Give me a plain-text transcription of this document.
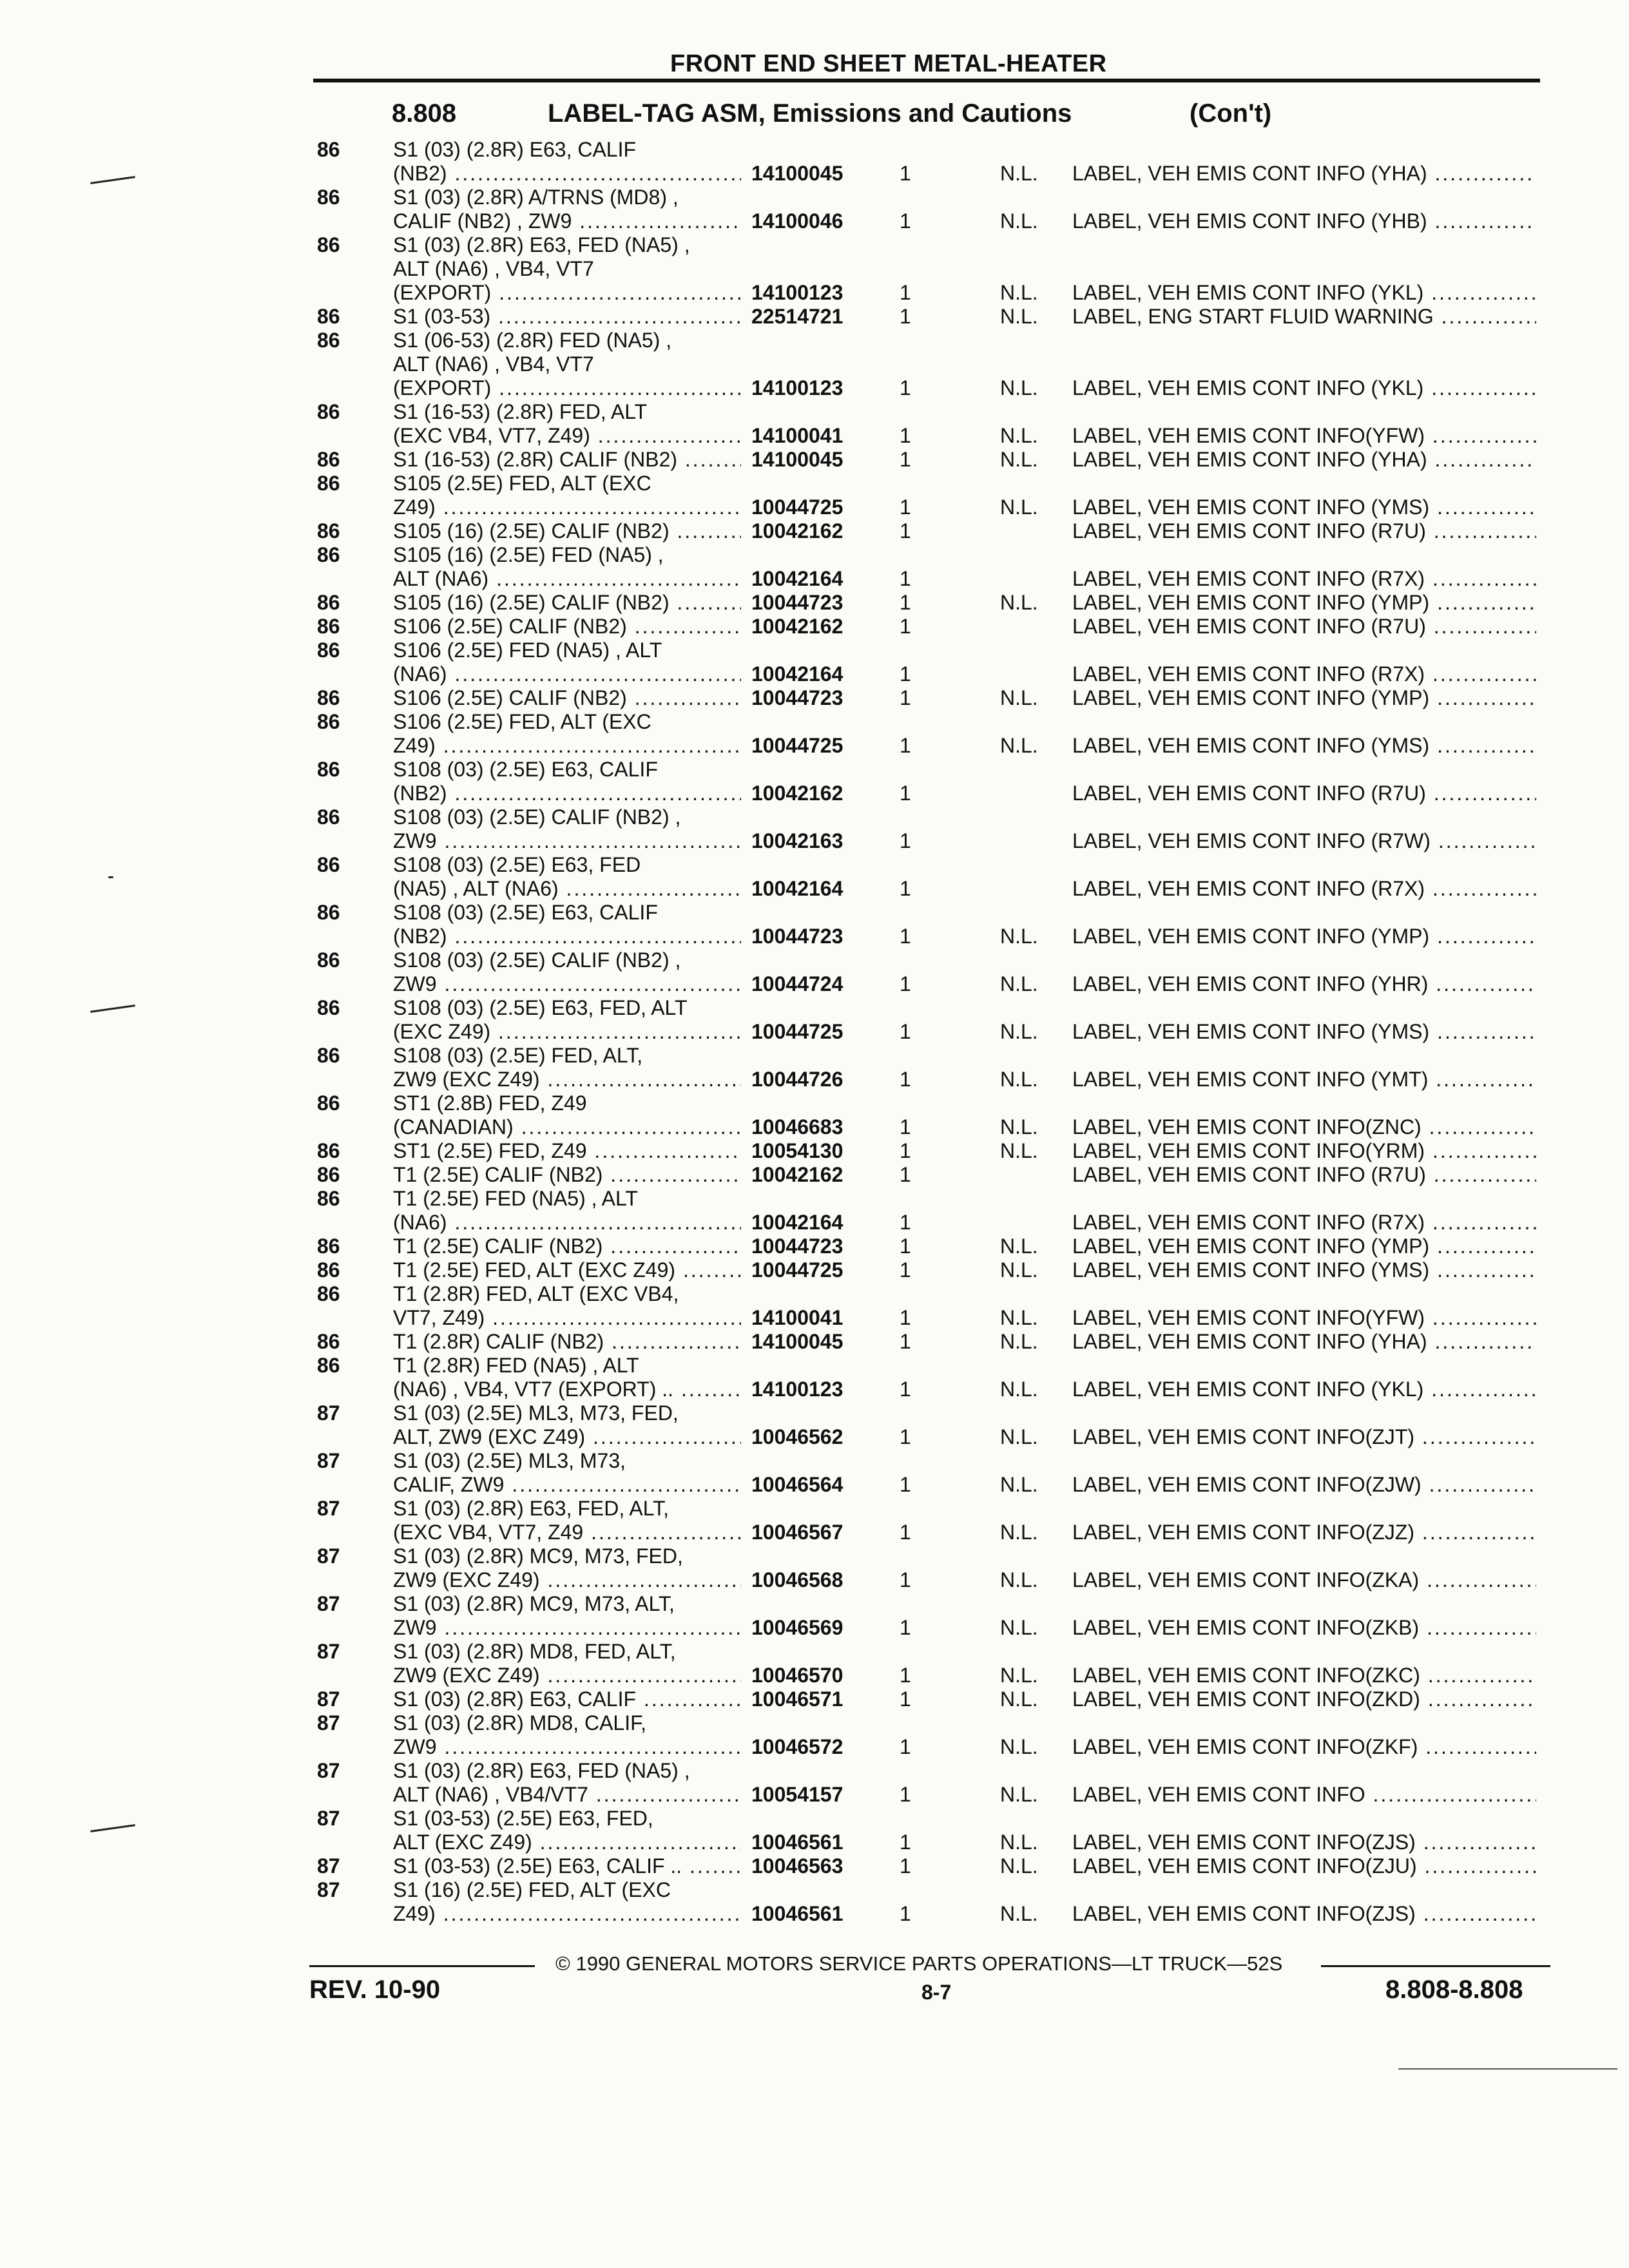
FRONT END SHEET METAL-HEATER
8.808	LABEL-TAG ASM, Emissions and Cautions	(Con't)
86	S1 (03) (2.8R) E63, CALIF
(NB2) .....	14100045	1	N.L. LABEL, VEH EMIS CONT INFO (YHA) .....
86	S1 (03) (2.8R) A/TRNS (MD8) ,
CALIF (NB2) , ZW9 .....	14100046	1	N.L. LABEL, VEH EMIS CONT INFO (YHB) .....
86	S1 (03) (2.8R) E63, FED (NA5) ,
ALT (NA6) , VB4, VT7
(EXPORT) .....	14100123	1	N.L. LABEL, VEH EMIS CONT INFO (YKL) .....
86	S1 (03-53) .....	22514721	1	N.L. LABEL, ENG START FLUID WARNING .....
86	S1 (06-53) (2.8R) FED (NA5) ,
ALT (NA6) , VB4, VT7
(EXPORT) .....	14100123	1	N.L. LABEL, VEH EMIS CONT INFO (YKL) .....
86	S1 (16-53) (2.8R) FED, ALT
(EXC VB4, VT7, Z49) .....	14100041	1	N.L. LABEL, VEH EMIS CONT INFO(YFW) .....
86	S1 (16-53) (2.8R) CALIF (NB2) .....	14100045	1	N.L. LABEL, VEH EMIS CONT INFO (YHA) .....
86	S105 (2.5E) FED, ALT (EXC
Z49) .....	10044725	1	N.L. LABEL, VEH EMIS CONT INFO (YMS) .....
86	S105 (16) (2.5E) CALIF (NB2) .....	10042162	1	LABEL, VEH EMIS CONT INFO (R7U) .....
86	S105 (16) (2.5E) FED (NA5) ,
ALT (NA6) .....	10042164	1	LABEL, VEH EMIS CONT INFO (R7X) .....
86	S105 (16) (2.5E) CALIF (NB2) .....	10044723	1	N.L. LABEL, VEH EMIS CONT INFO (YMP) .....
86	S106 (2.5E) CALIF (NB2) .....	10042162	1	LABEL, VEH EMIS CONT INFO (R7U) .....
86	S106 (2.5E) FED (NA5) , ALT
(NA6) .....	10042164	1	LABEL, VEH EMIS CONT INFO (R7X) .....
86	S106 (2.5E) CALIF (NB2) .....	10044723	1	N.L. LABEL, VEH EMIS CONT INFO (YMP) .....
86	S106 (2.5E) FED, ALT (EXC
Z49) .....	10044725	1	N.L. LABEL, VEH EMIS CONT INFO (YMS) .....
86	S108 (03) (2.5E) E63, CALIF
(NB2) .....	10042162	1	LABEL, VEH EMIS CONT INFO (R7U) .....
86	S108 (03) (2.5E) CALIF (NB2) ,
ZW9 .....	10042163	1	LABEL, VEH EMIS CONT INFO (R7W) .....
86	S108 (03) (2.5E) E63, FED
(NA5) , ALT (NA6) .....	10042164	1	LABEL, VEH EMIS CONT INFO (R7X) .....
86	S108 (03) (2.5E) E63, CALIF
(NB2) .....	10044723	1	N.L. LABEL, VEH EMIS CONT INFO (YMP) .....
86	S108 (03) (2.5E) CALIF (NB2) ,
ZW9 .....	10044724	1	N.L. LABEL, VEH EMIS CONT INFO (YHR) .....
86	S108 (03) (2.5E) E63, FED, ALT
(EXC Z49) .....	10044725	1	N.L. LABEL, VEH EMIS CONT INFO (YMS) .....
86	S108 (03) (2.5E) FED, ALT,
ZW9 (EXC Z49) .....	10044726	1	N.L. LABEL, VEH EMIS CONT INFO (YMT) .....
86	ST1 (2.8B) FED, Z49
(CANADIAN) .....	10046683	1	N.L. LABEL, VEH EMIS CONT INFO(ZNC) .....
86	ST1 (2.5E) FED, Z49 .....	10054130	1	N.L. LABEL, VEH EMIS CONT INFO(YRM) .....
86	T1 (2.5E) CALIF (NB2) .....	10042162	1	LABEL, VEH EMIS CONT INFO (R7U) .....
86	T1 (2.5E) FED (NA5) , ALT
(NA6) .....	10042164	1	LABEL, VEH EMIS CONT INFO (R7X) .....
86	T1 (2.5E) CALIF (NB2) .....	10044723	1	N.L. LABEL, VEH EMIS CONT INFO (YMP) .....
86	T1 (2.5E) FED, ALT (EXC Z49) .....	10044725	1	N.L. LABEL, VEH EMIS CONT INFO (YMS) .....
86	T1 (2.8R) FED, ALT (EXC VB4,
VT7, Z49) .....	14100041	1	N.L. LABEL, VEH EMIS CONT INFO(YFW) .....
86	T1 (2.8R) CALIF (NB2) .....	14100045	1	N.L. LABEL, VEH EMIS CONT INFO (YHA) .....
86	T1 (2.8R) FED (NA5) , ALT
(NA6) , VB4, VT7 (EXPORT) .. .....	14100123	1	N.L. LABEL, VEH EMIS CONT INFO (YKL) .....
87	S1 (03) (2.5E) ML3, M73, FED,
ALT, ZW9 (EXC Z49) .....	10046562	1	N.L. LABEL, VEH EMIS CONT INFO(ZJT) .....
87	S1 (03) (2.5E) ML3, M73,
CALIF, ZW9 .....	10046564	1	N.L. LABEL, VEH EMIS CONT INFO(ZJW) .....
87	S1 (03) (2.8R) E63, FED, ALT,
(EXC VB4, VT7, Z49 .....	10046567	1	N.L. LABEL, VEH EMIS CONT INFO(ZJZ) .....
87	S1 (03) (2.8R) MC9, M73, FED,
ZW9 (EXC Z49) .....	10046568	1	N.L. LABEL, VEH EMIS CONT INFO(ZKA) .....
87	S1 (03) (2.8R) MC9, M73, ALT,
ZW9 .....	10046569	1	N.L. LABEL, VEH EMIS CONT INFO(ZKB) .....
87	S1 (03) (2.8R) MD8, FED, ALT,
ZW9 (EXC Z49) .....	10046570	1	N.L. LABEL, VEH EMIS CONT INFO(ZKC) .....
87	S1 (03) (2.8R) E63, CALIF .....	10046571	1	N.L. LABEL, VEH EMIS CONT INFO(ZKD) .....
87	S1 (03) (2.8R) MD8, CALIF,
ZW9 .....	10046572	1	N.L. LABEL, VEH EMIS CONT INFO(ZKF) .....
87	S1 (03) (2.8R) E63, FED (NA5) ,
ALT (NA6) , VB4/VT7 .....	10054157	1	N.L. LABEL, VEH EMIS CONT INFO .....
87	S1 (03-53) (2.5E) E63, FED,
ALT (EXC Z49) .....	10046561	1	N.L. LABEL, VEH EMIS CONT INFO(ZJS) .....
87	S1 (03-53) (2.5E) E63, CALIF .. .....	10046563	1	N.L. LABEL, VEH EMIS CONT INFO(ZJU) .....
87	S1 (16) (2.5E) FED, ALT (EXC
Z49) .....	10046561	1	N.L. LABEL, VEH EMIS CONT INFO(ZJS) .....
© 1990 GENERAL MOTORS SERVICE PARTS OPERATIONS—LT TRUCK—52S
REV. 10-90	8-7	8.808-8.808
